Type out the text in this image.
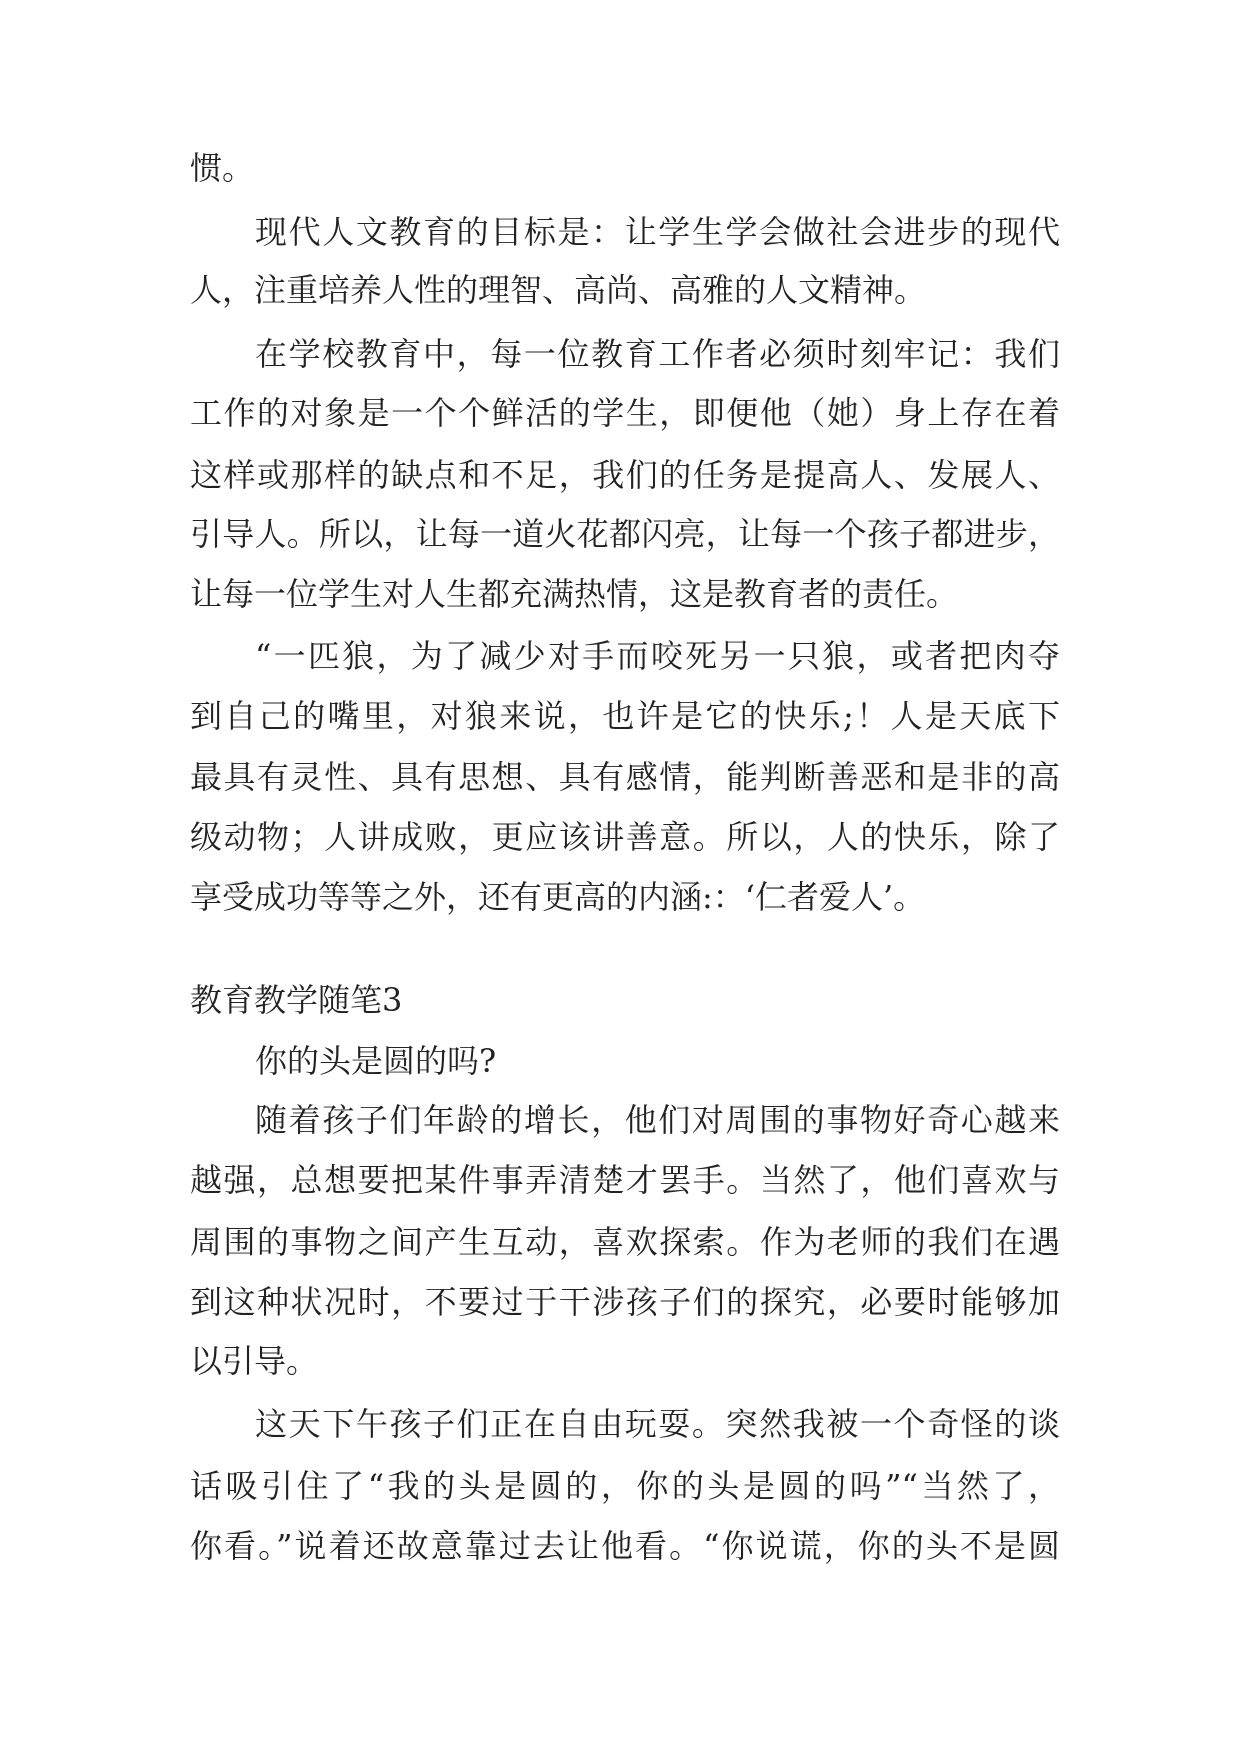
惯。

现代人文教育的目标是：让学生学会做社会进步的现代

人，注重培养人性的理智、高尚、高雅的人文精神。

在学校教育中，每一位教育工作者必须时刻牢记：我们

工作的对象是一个个鲜活的学生，即便他（她）身上存在着

这样或那样的缺点和不足，我们的任务是提高人、发展人、

引导人。所以，让每一道火花都闪亮，让每一个孩子都进步，

让每一位学生对人生都充满热情，这是教育者的责任。

“一匹狼，为了减少对手而咬死另一只狼，或者把肉夺

到自己的嘴里，对狼来说，也许是它的快乐;！人是天底下

最具有灵性、具有思想、具有感情，能判断善恶和是非的高

级动物；人讲成败，更应该讲善意。所以，人的快乐，除了

享受成功等等之外，还有更高的内涵:：‘仁者爱人’。

教育教学随笔3

你的头是圆的吗?

随着孩子们年龄的增长，他们对周围的事物好奇心越来

越强，总想要把某件事弄清楚才罢手。当然了，他们喜欢与

周围的事物之间产生互动，喜欢探索。作为老师的我们在遇

到这种状况时，不要过于干涉孩子们的探究，必要时能够加

以引导。

这天下午孩子们正在自由玩耍。突然我被一个奇怪的谈

话吸引住了“我的头是圆的，你的头是圆的吗”“当然了，

你看。”说着还故意靠过去让他看。“你说谎，你的头不是圆
